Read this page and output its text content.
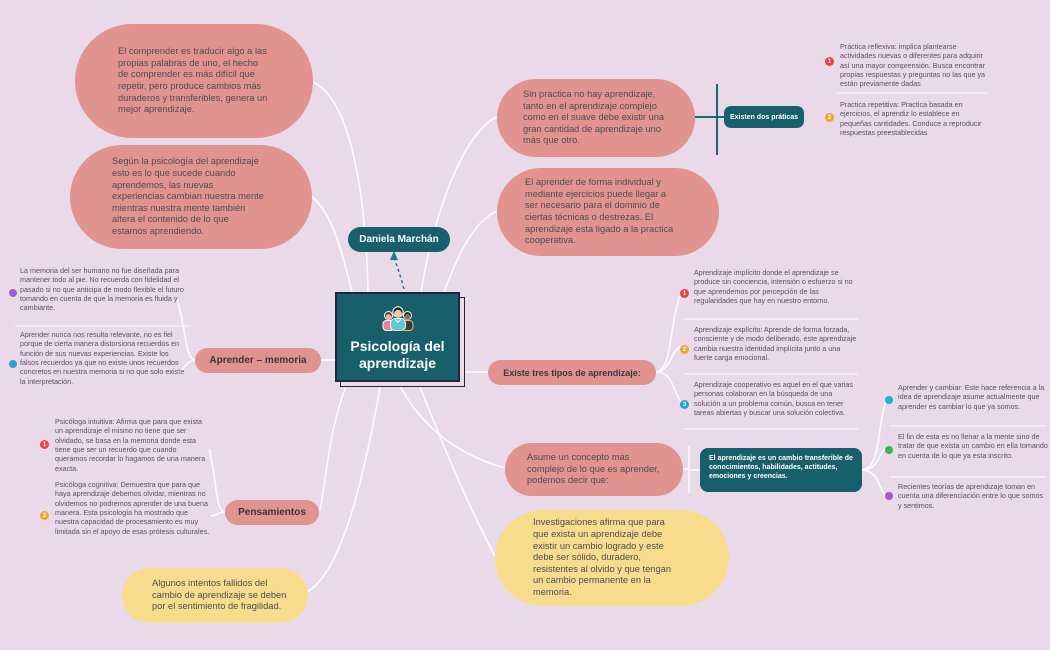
El comprender es traducir algo a las propias palabras de uno, el hecho de comprender es más difícil que repetir, pero produce cambios más duraderos y transferibles, genera un mejor aprendizaje.
Según la psicología del aprendizaje esto es lo que sucede cuando aprendemos, las nuevas experiencias cambian nuestra mente mientras nuestra mente también altera el contenido de lo que estamos aprendiendo.
Sin practica no hay aprendizaje, tanto en el aprendizaje complejo como en el suave debe existir una gran cantidad de aprendizaje uno más que otro.
El aprender de forma individual y mediante ejercicios puede llegar a ser necesario para el dominio de ciertas técnicas o destrezas. El aprendizaje esta ligado a la practica cooperativa.
Asume un concepto mas complejo de lo que es aprender, podemos decir que:
Investigaciones afirma que para que exista un aprendizaje debe existir un cambio logrado y este debe ser sólido, duradero, resistentes al olvido y que tengan un cambio permanente en la memoria.
Algunos intentos fallidos del cambio de aprendizaje se deben por el sentimiento de fragilidad.
Daniela Marchán
Psicología del aprendizaje
Existen dos práticas
1
Práctica reflexiva: implica plantearse actividades nuevas o diferentes para adquirir así una mayor comprensión. Busca encontrar propias respuestas y preguntas no las que ya están previamente dadas
2
Practica repetitiva: Practica basada en ejercicios, el aprendiz lo establece en pequeñas cantidades. Conduce a reproducir respuestas preestablecidas
Aprender – memoria
La memoria del ser humano no fue diseñada para mantener todo al pie. No recuerda con fidelidad el pasado si no que anticipa de modo flexible el futuro tomando en cuenta de que la memoria es fluida y cambiante.
Aprender nunca nos resulta relevante, no es fiel porque de cierta manera distorsiona recuerdos en función de sus nuevas experiencias. Existe los falsos recuerdos ya que no existe unos recuerdos concretos en nuestra memoria si no que solo existe la interpretación.
Existe tres tipos de aprendizaje:
1
Aprendizaje implícito donde el aprendizaje se produce sin conciencia, intensión o esfuerzo si no que aprendemos por percepción de las regularidades que hay en nuestro entorno.
2
Aprendizaje explícito: Aprende de forma forzada, consciente y de modo deliberado, este aprendizaje cambia nuestra identidad implícita junto a una fuerte carga emocional.
3
Aprendizaje cooperativo es aquel en el que varias personas colaboran en la búsqueda de una solución a un problema común, busca en tener tareas abiertas y buscar una solución colectiva.
El aprendizaje es un cambio transferible de conocimientos, habilidades, actitudes, emociones y creencias.
Aprender y cambiar: Este hace referencia a la idea de aprendizaje asume actualmente que aprender es cambiar lo que ya somos.
El fin de esta es no llenar a la mente sino de tratar de que exista un cambio en ella tomando en cuenta de lo que ya esta inscrito.
Recientes teorías de aprendizaje toman en cuenta una diferenciación entre lo que somos y sentimos.
Pensamientos
1
Psicóloga intuitiva: Afirma que para que exista un aprendizaje el mismo no tiene que ser olvidado, se basa en la memoria donde esta tiene que ser un recuerdo que cuando queramos recordar lo hagamos de una manera exacta.
2
Psicóloga cognitiva: Demuestra que para que haya aprendizaje debemos olvidar, mientras no olvidemos no podremos aprender de una buena manera. Esta psicología ha mostrado que nuestra capacidad de procesamiento es muy limitada sin el apoyo de esas prótesis culturales.
